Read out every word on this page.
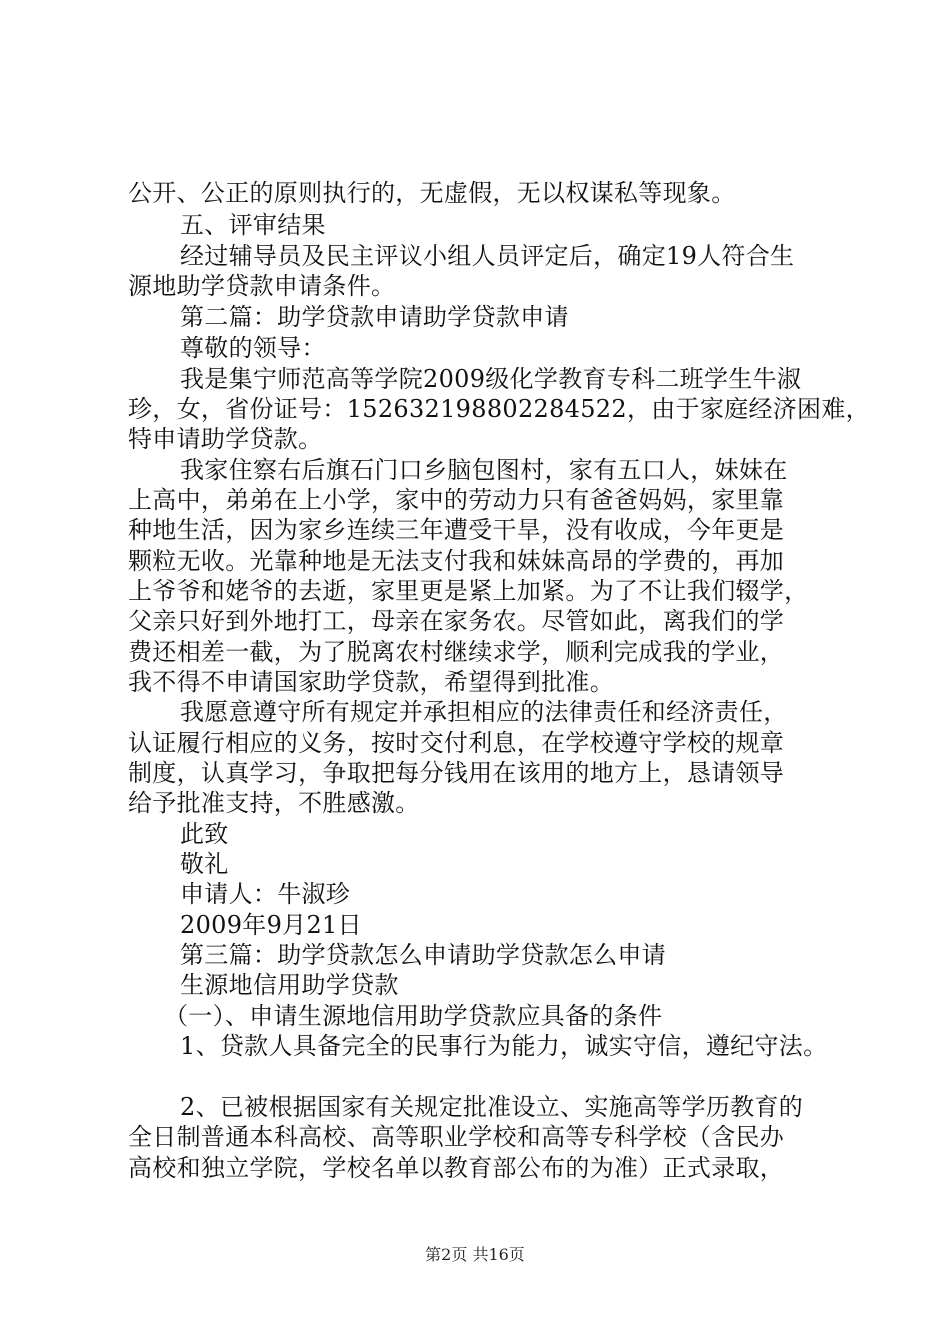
公开、公正的原则执行的，无虚假，无以权谋私等现象。
五、评审结果
经过辅导员及民主评议小组人员评定后，确定19人符合生
源地助学贷款申请条件。
第二篇：助学贷款申请助学贷款申请
尊敬的领导：
我是集宁师范高等学院2009级化学教育专科二班学生牛淑
珍，女，省份证号：152632198802284522，由于家庭经济困难，
特申请助学贷款。
我家住察右后旗石门口乡脑包图村，家有五口人，妹妹在
上高中，弟弟在上小学，家中的劳动力只有爸爸妈妈，家里靠
种地生活，因为家乡连续三年遭受干旱，没有收成，今年更是
颗粒无收。光靠种地是无法支付我和妹妹高昂的学费的，再加
上爷爷和姥爷的去逝，家里更是紧上加紧。为了不让我们辍学，
父亲只好到外地打工，母亲在家务农。尽管如此，离我们的学
费还相差一截，为了脱离农村继续求学，顺利完成我的学业，
我不得不申请国家助学贷款，希望得到批准。
我愿意遵守所有规定并承担相应的法律责任和经济责任，
认证履行相应的义务，按时交付利息，在学校遵守学校的规章
制度，认真学习，争取把每分钱用在该用的地方上，恳请领导
给予批准支持，不胜感激。
此致
敬礼
申请人：牛淑珍
2009年9月21日
第三篇：助学贷款怎么申请助学贷款怎么申请
生源地信用助学贷款
（一）、申请生源地信用助学贷款应具备的条件
1、贷款人具备完全的民事行为能力，诚实守信，遵纪守法。
2、已被根据国家有关规定批准设立、实施高等学历教育的
全日制普通本科高校、高等职业学校和高等专科学校（含民办
高校和独立学院，学校名单以教育部公布的为准）正式录取，
第2页 共16页
